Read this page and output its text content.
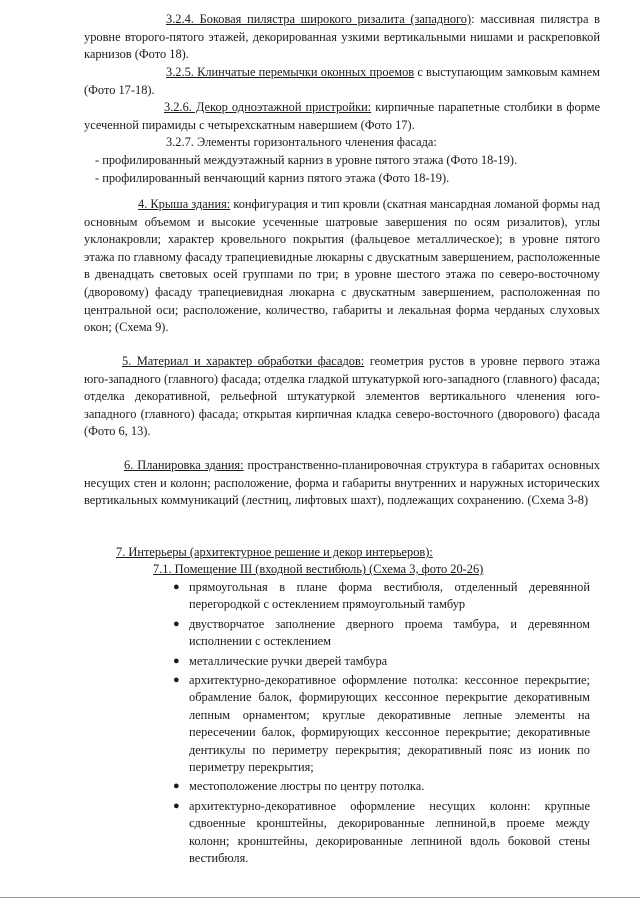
3.2.4. Боковая пилястра широкого ризалита (западного): массивная пилястра в уровне второго-пятого этажей, декорированная узкими вертикальными нишами и раскреповкой карнизов (Фото 18).

3.2.5. Клинчатые перемычки оконных проемов с выступающим замковым камнем (Фото 17-18).

3.2.6. Декор одноэтажной пристройки: кирпичные парапетные столбики в форме усеченной пирамиды с четырехскатным навершием (Фото 17).

3.2.7. Элементы горизонтального членения фасада:

- профилированный междуэтажный карниз в уровне пятого этажа (Фото 18-19).

- профилированный венчающий карниз пятого этажа (Фото 18-19).

4. Крыша здания: конфигурация и тип кровли (скатная мансардная ломаной формы над основным объемом и высокие усеченные шатровые завершения по осям ризалитов), углы уклонакровли; характер кровельного покрытия (фальцевое металлическое); в уровне пятого этажа по главному фасаду трапециевидные люкарны с двускатным завершением, расположенные в двенадцать световых осей группами по три; в уровне шестого этажа по северо-восточному (дворовому) фасаду трапециевидная люкарна с двускатным завершением, расположенная по центральной оси; расположение, количество, габариты и лекальная форма черданых слуховых окон; (Схема 9).

5. Материал и характер обработки фасадов: геометрия рустов в уровне первого этажа юго-западного (главного) фасада; отделка гладкой штукатуркой юго-западного (главного) фасада; отделка декоративной, рельефной штукатуркой элементов вертикального членения юго-западного (главного) фасада; открытая кирпичная кладка северо-восточного (дворового) фасада (Фото 6, 13).

6. Планировка здания: пространственно-планировочная структура в габаритах основных несущих стен и колонн; расположение, форма и габариты внутренних и наружных исторических вертикальных коммуникаций (лестниц, лифтовых шахт), подлежащих сохранению. (Схема 3-8)

7. Интерьеры (архитектурное решение и декор интерьеров):

7.1. Помещение III (входной вестибюль) (Схема 3, фото 20-26)

● прямоугольная в плане форма вестибюля, отделенный деревянной перегородкой с остеклением прямоугольный тамбур
● двустворчатое заполнение дверного проема тамбура, и деревянном исполнении с остеклением
● металлические ручки дверей тамбура
● архитектурно-декоративное оформление потолка: кессонное перекрытие; обрамление балок, формирующих кессонное перекрытие декоративным лепным орнаментом; круглые декоративные лепные элементы на пересечении балок, формирующих кессонное перекрытие; декоративные дентикулы по периметру перекрытия; декоративный пояс из ионик по периметру перекрытия;
● местоположение люстры по центру потолка.
● архитектурно-декоративное оформление несущих колонн: крупные сдвоенные кронштейны, декорированные лепниной,в проеме между колонн; кронштейны, декорированные лепниной вдоль боковой стены вестибюля.
